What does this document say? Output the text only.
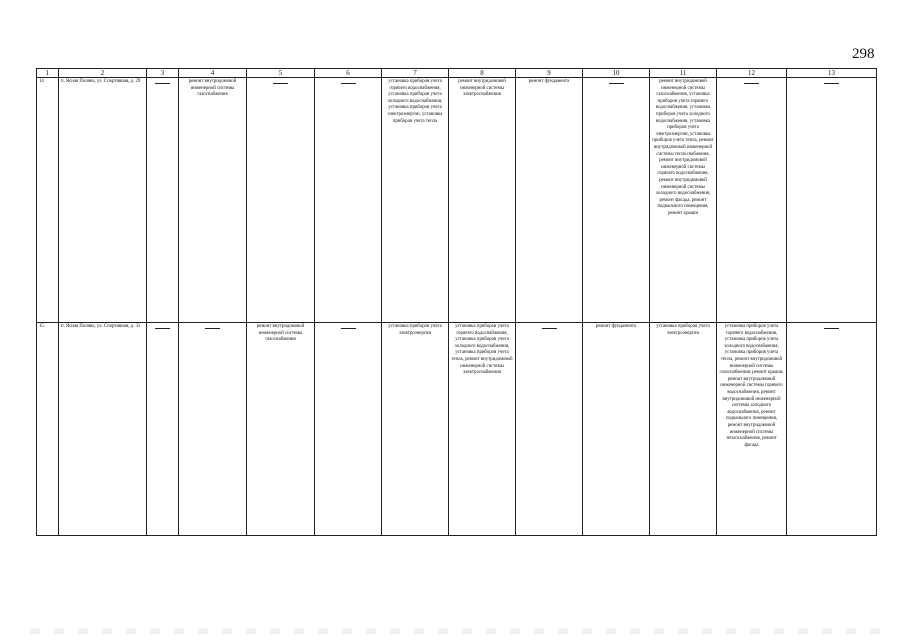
298
1	2	3	4	5	6	7	8	9	10	11	12	13
14	п. Ясная Поляна, ул. Спортивная, д. 29		ремонт внутридомовой инженерной системы газоснабжения			установка приборов учета горячего водоснабжения, установка приборов учета холодного водоснабжения, установка приборов учета электроэнергии, установка приборов учета тепла	ремонт внутридомовой инженерной системы электроснабжения	ремонт фундамента		ремонт внутридомовой инженерной системы газоснабжения, установка приборов учета горячего водоснабжения, установка приборов учета холодного водоснабжения, установка приборов учета электроэнергии, установка приборов учета тепла, ремонт внутридомовой инженерной системы теплоснабжения, ремонт внутридомовой инженерной системы горячего водоснабжения, ремонт внутридомовой инженерной системы холодного водоснабжения, ремонт фасада, ремонт подвального помещения, ремонт крыши	

15.	п. Ясная Поляна, ул. Спортивная, д. 31			ремонт внутридомовой инженерной системы газоснабжения		установка приборов учета электроэнергии	установка приборов учета горячего водоснабжения, установка приборов учета холодного водоснабжения, установка приборов учета тепла, ремонт внутридомовой инженерной системы электроснабжения		ремонт фундамента	установка приборов учета электроэнергии	установка приборов учета горячего водоснабжения, установка приборов учета холодного водоснабжения, установка приборов учета тепла, ремонт внутридомовой инженерной системы газоснабжения, ремонт крыши, ремонт внутридомовой инженерной системы горячего водоснабжения, ремонт внутридомовой инженерной системы холодного водоснабжения, ремонт подвального помещения, ремонт внутридомовой инженерной системы теплоснабжения, ремонт фасада	
